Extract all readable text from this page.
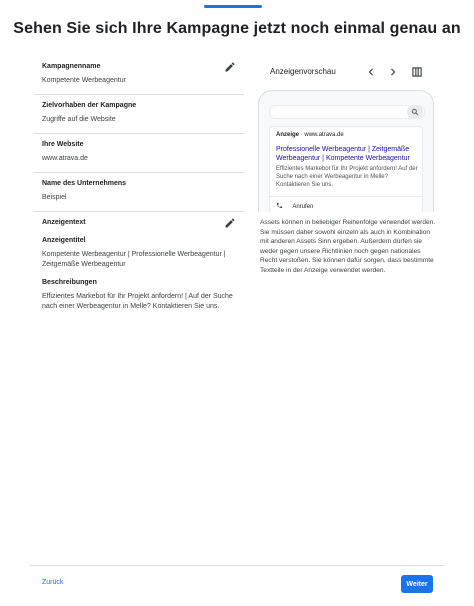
Sehen Sie sich Ihre Kampagne jetzt noch einmal genau an
Kampagnenname
Kompetente Werbeagentur
Zielvorhaben der Kampagne
Zugriffe auf die Website
Ihre Website
www.atrava.de
Name des Unternehmens
Beispiel
Anzeigentext
Anzeigentitel
Kompetente Werbeagentur | Professionelle Werbeagentur | Zeitgemäße Werbeagentur
Beschreibungen
Effizientes Markebot für Ihr Projekt anfordern! | Auf der Suche nach einer Werbeagentur in Melle? Kontaktieren Sie uns.
Anzeigenvorschau
Anzeige · www.atrava.de
Professionelle Werbeagentur | Zeitgemäße Werbeagentur | Kompetente Werbeagentur
Effizientes Markebot für Ihr Projekt anfordern! Auf der Suche nach einer Werbeagentur in Melle? Kontaktieren Sie uns.
Anrufen

Assets können in beliebiger Reihenfolge verwendet werden. Sie müssen daher sowohl einzeln als auch in Kombination mit anderen Assets Sinn ergeben. Außerdem dürfen sie weder gegen unsere Richtlinien noch gegen nationales Recht verstoßen. Sie können dafür sorgen, dass bestimmte Textteile in der Anzeige verwendet werden.

Zurück	Weiter
